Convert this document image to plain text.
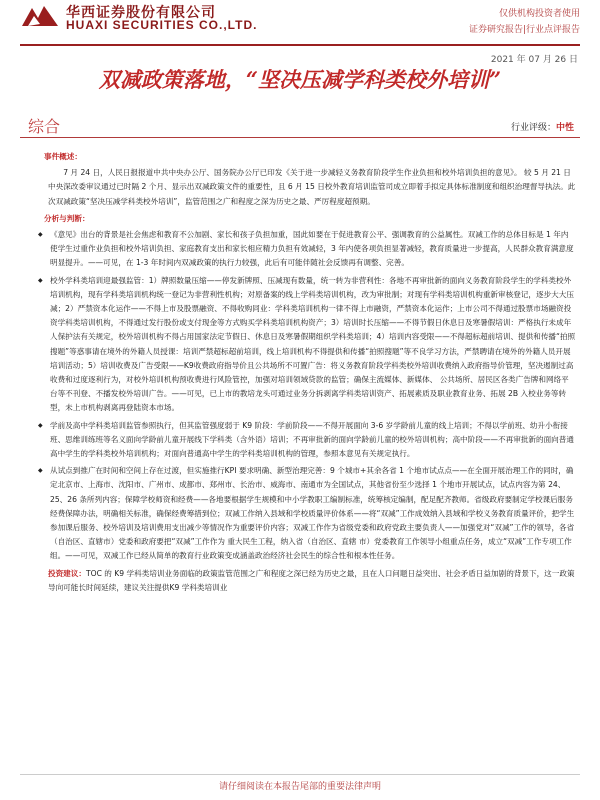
华西证券股份有限公司
HUAXI SECURITIES CO.,LTD.
仅供机构投资者使用
证券研究报告|行业点评报告
2021 年 07 月 26 日
双减政策落地，“坚决压减学科类校外培训”
综合	行业评级：中性
事件概述：

7 月 24 日，人民日报报道中共中央办公厅、国务院办公厅已印发《关于进一步减轻义务教育阶段学生作业负担和校外培训负担的意见》。 较 5 月 21 日中央深改委审议通过已时隔 2 个月、显示出双减政策文件的重要性，且 6 月 15 日校外教育培训监管司成立即着手拟定具体标准制度和组织治理督导执法。此次双减政策“坚决压减学科类校外培训”，监管范围之广和程度之深为历史之最、严厉程度超预期。

分析与判断：
◆ 《意见》出台的背景是社会焦虑和教育不公加剧、家长和孩子负担加重，国此如要在于促进教育公平、强调教育的公益属性。双减工作的总体目标是 1 年内使学生过重作业负担和校外培训负担、家庭教育支出和家长相应精力负担有效减轻，3 年内使各项负担显著减轻，教育质量进一步提高，人民群众教育满意度明显提升。——可见，在 1-3 年时间内双减政策的执行力较强，此后有可能伴随社会反馈再有调整、完善。
◆ 校外学科类培训迎最强监管：1）牌照数量压缩——停发新牌照、压减现有数量，统一转为非营利性：各地不再审批新的面向义务教育阶段学生的学科类校外培训机构，现有学科类培训机构统一登记为非营利性机构；对原备案的线上学科类培训机构，改为审批制；对现有学科类培训机构重新审核登记，逐步大大压减；2）严禁资本化运作——不得上市及股票融资、不得收购同业：学科类培训机构一律不得上市融资，严禁资本化运作；上市公司不得通过股票市场融资投资学科类培训机构，不得通过发行股份或支付现金等方式购买学科类培训机构资产；3）培训时长压缩——不得节假日休息日及寒暑假培训：严格执行未成年人保护法有关规定，校外培训机构不得占用国家法定节假日、休息日及寒暑假期组织学科类培训；4）培训内容受限——不得超标超前培训、提供和传播“拍照搜题”等惑事请在境外的外籍人员授课：培训严禁超标超前培训，线上培训机构不得提供和传播“拍照搜题”等不良学习方法，严禁聘请在境外的外籍人员开展培训活动；5）培训收费及广告受限——K9收费政府指导价且公共场所不可置广告：将义务教育阶段学科类校外培训收费纳入政府指导价管理，坚决遏制过高收费和过度逐利行为，对校外培训机构预收费进行风险管控，加强对培训领域贷款的监管；确保主流媒体、新媒体、 公共场所、居民区各类广告牌和网络平台等不刊登、不播发校外培训广告。——可见，已上市的教培龙头可通过业务分拆剥离学科类培训资产、拓展素质及职业教育业务、拓展 2B 入校业务等转型，未上市机构剥离再登陆资本市场。
◆ 学前及高中学科类培训监管参照执行，但其监管强度弱于 K9 阶段：学前阶段——不得开展面向 3-6 岁学龄前儿童的线上培训；不得以学前班、幼升小衔接班、思维训练班等名义面向学龄前儿童开展线下学科类（含外语）培训；不再审批新的面向学龄前儿童的校外培训机构；高中阶段——不再审批新的面向普通高中学生的学科类校外培训机构；对面向普通高中学生的学科类培训机构的管理，参照本意见有关规定执行。
◆ 从试点到推广在时间和空间上存在过渡，但实施推行KPI 要求明确、新型治理完善：9 个城市+其余各省 1 个地市试点点——在全面开展治理工作的同时，确定北京市、上海市、沈阳市、广州市、成都市、郑州市、长治市、威海市、南通市为全国试点，其他省份至少选择 1 个地市开展试点，试点内容为第 24、25、26 条所列内容；保障学校师资和经费——各地要根据学生规模和中小学教职工编制标准，统筹核定编制，配足配齐教师。省级政府要制定学校课后服务经费保障办法，明确相关标准，确保经费筹措到位；双减工作纳入县域和学校质量评价体系——将“双减”工作成效纳入县域和学校义务教育质量评价，把学生参加课后服务、校外培训及培训费用支出减少等情况作为重要评价内容；双减工作作为省级党委和政府党政主要负责人——加强党对“双减”工作的领导，各省（自治区、直辖市）党委和政府要把“双减”工作作为 重大民生工程，纳入省（自治区、直辖 市）党委教育工作领导小组重点任务，成立“双减”工作专项工作组。——可见，双减工作已经从简单的教育行业政策变成涵盖政治经济社会民生的综合性和根本性任务。

投资建议：TOC 的 K9 学科类培训业务面临的政策监管范围之广和程度之深已经为历史之最，且在人口问题日益突出、社会矛盾日益加剧的背景下，这一政策导向可能长时间延续，建议关注提供K9 学科类培训业

请仔细阅读在本报告尾部的重要法律声明
